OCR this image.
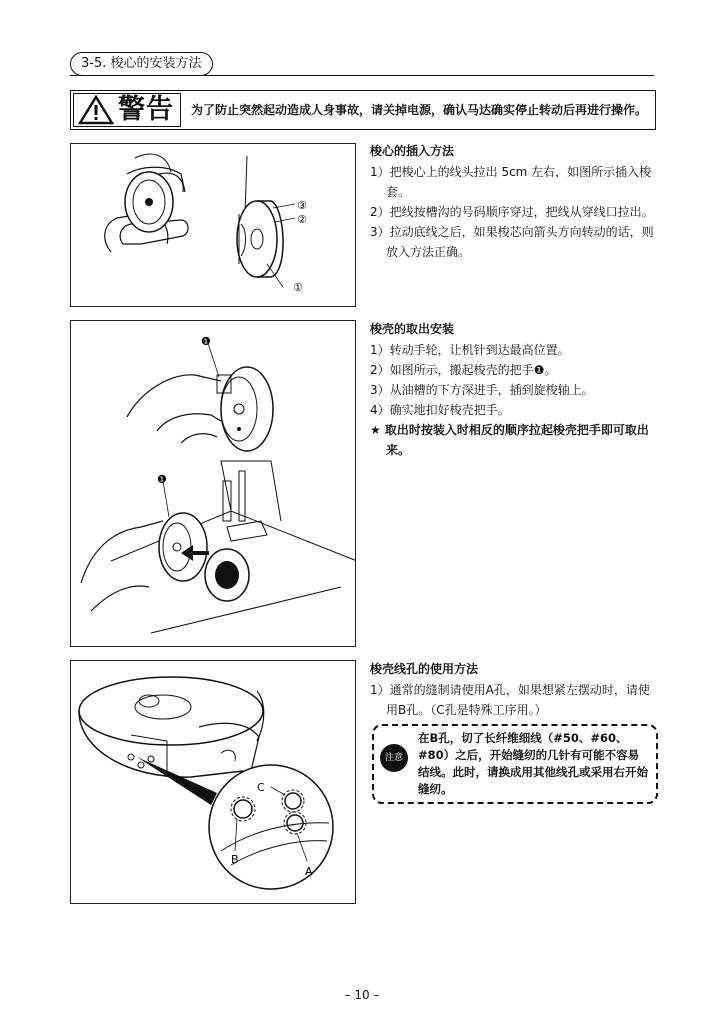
3-5. 梭心的安装方法
警告 为了防止突然起动造成人身事故，请关掉电源，确认马达确实停止转动后再进行操作。
①
②
③
梭心的插入方法
1）把梭心上的线头拉出 5cm 左右，如图所示插入梭套。
2）把线按槽沟的号码顺序穿过，把线从穿线口拉出。
3）拉动底线之后，如果梭芯向箭头方向转动的话，则放入方法正确。
❶
❶
梭壳的取出安装
1）转动手轮，让机针到达最高位置。
2）如图所示，搬起梭壳的把手❶。
3）从油槽的下方深进手，插到旋梭轴上。
4）确实地扣好梭壳把手。
★ 取出时按装入时相反的顺序拉起梭壳把手即可取出来。
C
B
A
梭壳线孔的使用方法
1）通常的缝制请使用A孔，如果想紧左摆动时，请使用B孔。（C孔是特殊工序用。）
注意
在B孔，切了长纤维细线（#50、#60、#80）之后，开始缝纫的几针有可能不容易结线。此时，请换成用其他线孔或采用右开始缝纫。
– 10 –
